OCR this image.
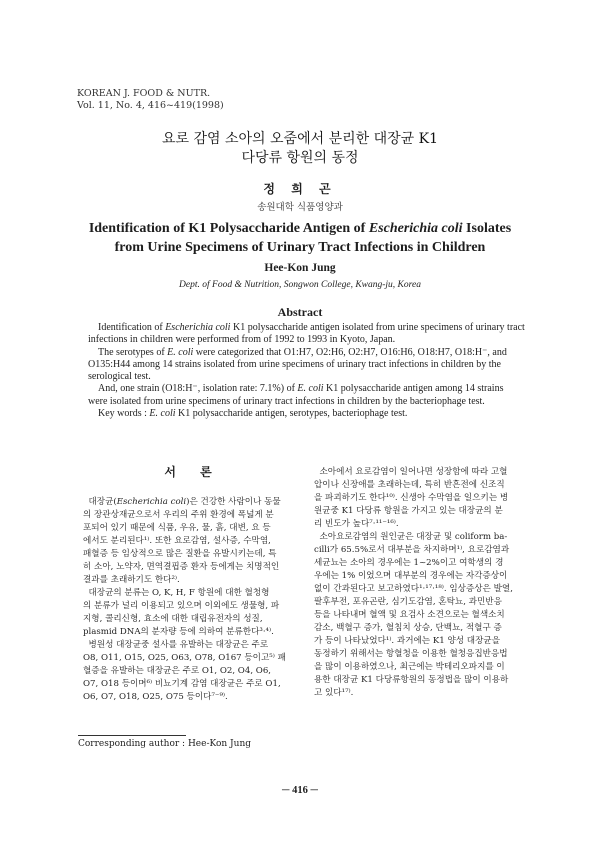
KOREAN J. FOOD & NUTR.
Vol. 11, No. 4, 416~419(1998)
요로 감염 소아의 오줌에서 분리한 대장균 K1
다당류 항원의 동정
정 희 곤
송원대학 식품영양과
Identification of K1 Polysaccharide Antigen of Escherichia coli Isolates
from Urine Specimens of Urinary Tract Infections in Children
Hee-Kon Jung
Dept. of Food & Nutrition, Songwon College, Kwang-ju, Korea
Abstract

 Identification of Escherichia coli K1 polysaccharide antigen isolated from urine specimens of urinary tract

infections in children were performed from of 1992 to 1993 in Kyoto, Japan.

 The serotypes of E. coli were categorized that O1:H7, O2:H6, O2:H7, O16:H6, O18:H7, O18:H⁻, and

O135:H44 among 14 strains isolated from urine specimens of urinary tract infections in children by the

serological test.

 And, one strain (O18:H⁻, isolation rate: 7.1%) of E. coli K1 polysaccharide antigen among 14 strains

were isolated from urine specimens of urinary tract infections in children by the bacteriophage test.

 Key words : E. coli K1 polysaccharide antigen, serotypes, bacteriophage test.

서 론
대장균(Escherichia coli)은 건강한 사람이나 동물
의 장관상재균으로서 우리의 주위 환경에 폭넓게 분
포되어 있기 때문에 식품, 우유, 물, 흙, 대변, 요 등
에서도 분리된다¹⁾. 또한 요로감염, 설사증, 수막염,
패혈증 등 임상적으로 많은 질환을 유발시키는데, 특
히 소아, 노약자, 면역결핍증 환자 등에게는 치명적인
결과를 초래하기도 한다²⁾.
대장균의 분류는 O, K, H, F 항원에 대한 혈청형
의 분류가 널리 이용되고 있으며 이외에도 생물형, 파
지형, 콜리신형, 효소에 대한 대립유전자의 성질,
plasmid DNA의 분자량 등에 의하여 분류한다³·⁴⁾.
병원성 대장균중 설사를 유발하는 대장균은 주로
O8, O11, O15, O25, O63, O78, O167 등이고⁵⁾ 패
혈증을 유발하는 대장균은 주로 O1, O2, O4, O6,
O7, O18 등이며⁶⁾ 비뇨기계 감염 대장균은 주로 O1,
O6, O7, O18, O25, O75 등이다⁷⁻⁹⁾.
소아에서 요로감염이 일어나면 성장함에 따라 고혈
압이나 신장애를 초래하는데, 특히 반흔전에 신조직
을 파괴하기도 한다¹⁰⁾. 신생아 수막염을 일으키는 병
원균중 K1 다당류 항원을 가지고 있는 대장균의 분
리 빈도가 높다⁷·¹¹⁻¹⁶⁾.
소아요로감염의 원인균은 대장균 및 coliform ba-
cilli가 65.5%로서 대부분을 차지하며¹⁾, 요로감염과
세균뇨는 소아의 경우에는 1~2%이고 여학생의 경
우에는 1% 이었으며 대부분의 경우에는 자각증상이
없이 간과된다고 보고하였다¹·¹⁷·¹⁸⁾. 임상증상은 발열,
팔후부전, 포유곤란, 심기도감염, 혼탁뇨, 과민반응
등을 나타내며 혈액 및 요검사 소견으로는 혈색소치
감소, 백혈구 증가, 혈침치 상승, 단백뇨, 적혈구 증
가 등이 나타났었다¹⁾. 과거에는 K1 양성 대장균을
동정하기 위해서는 항혈청을 이용한 혈청응집반응법
을 많이 이용하였으나, 최근에는 박테리오파지를 이
용한 대장균 K1 다당류항원의 동정법을 많이 이용하
고 있다¹⁷⁾.
Corresponding author : Hee-Kon Jung
─ 416 ─
